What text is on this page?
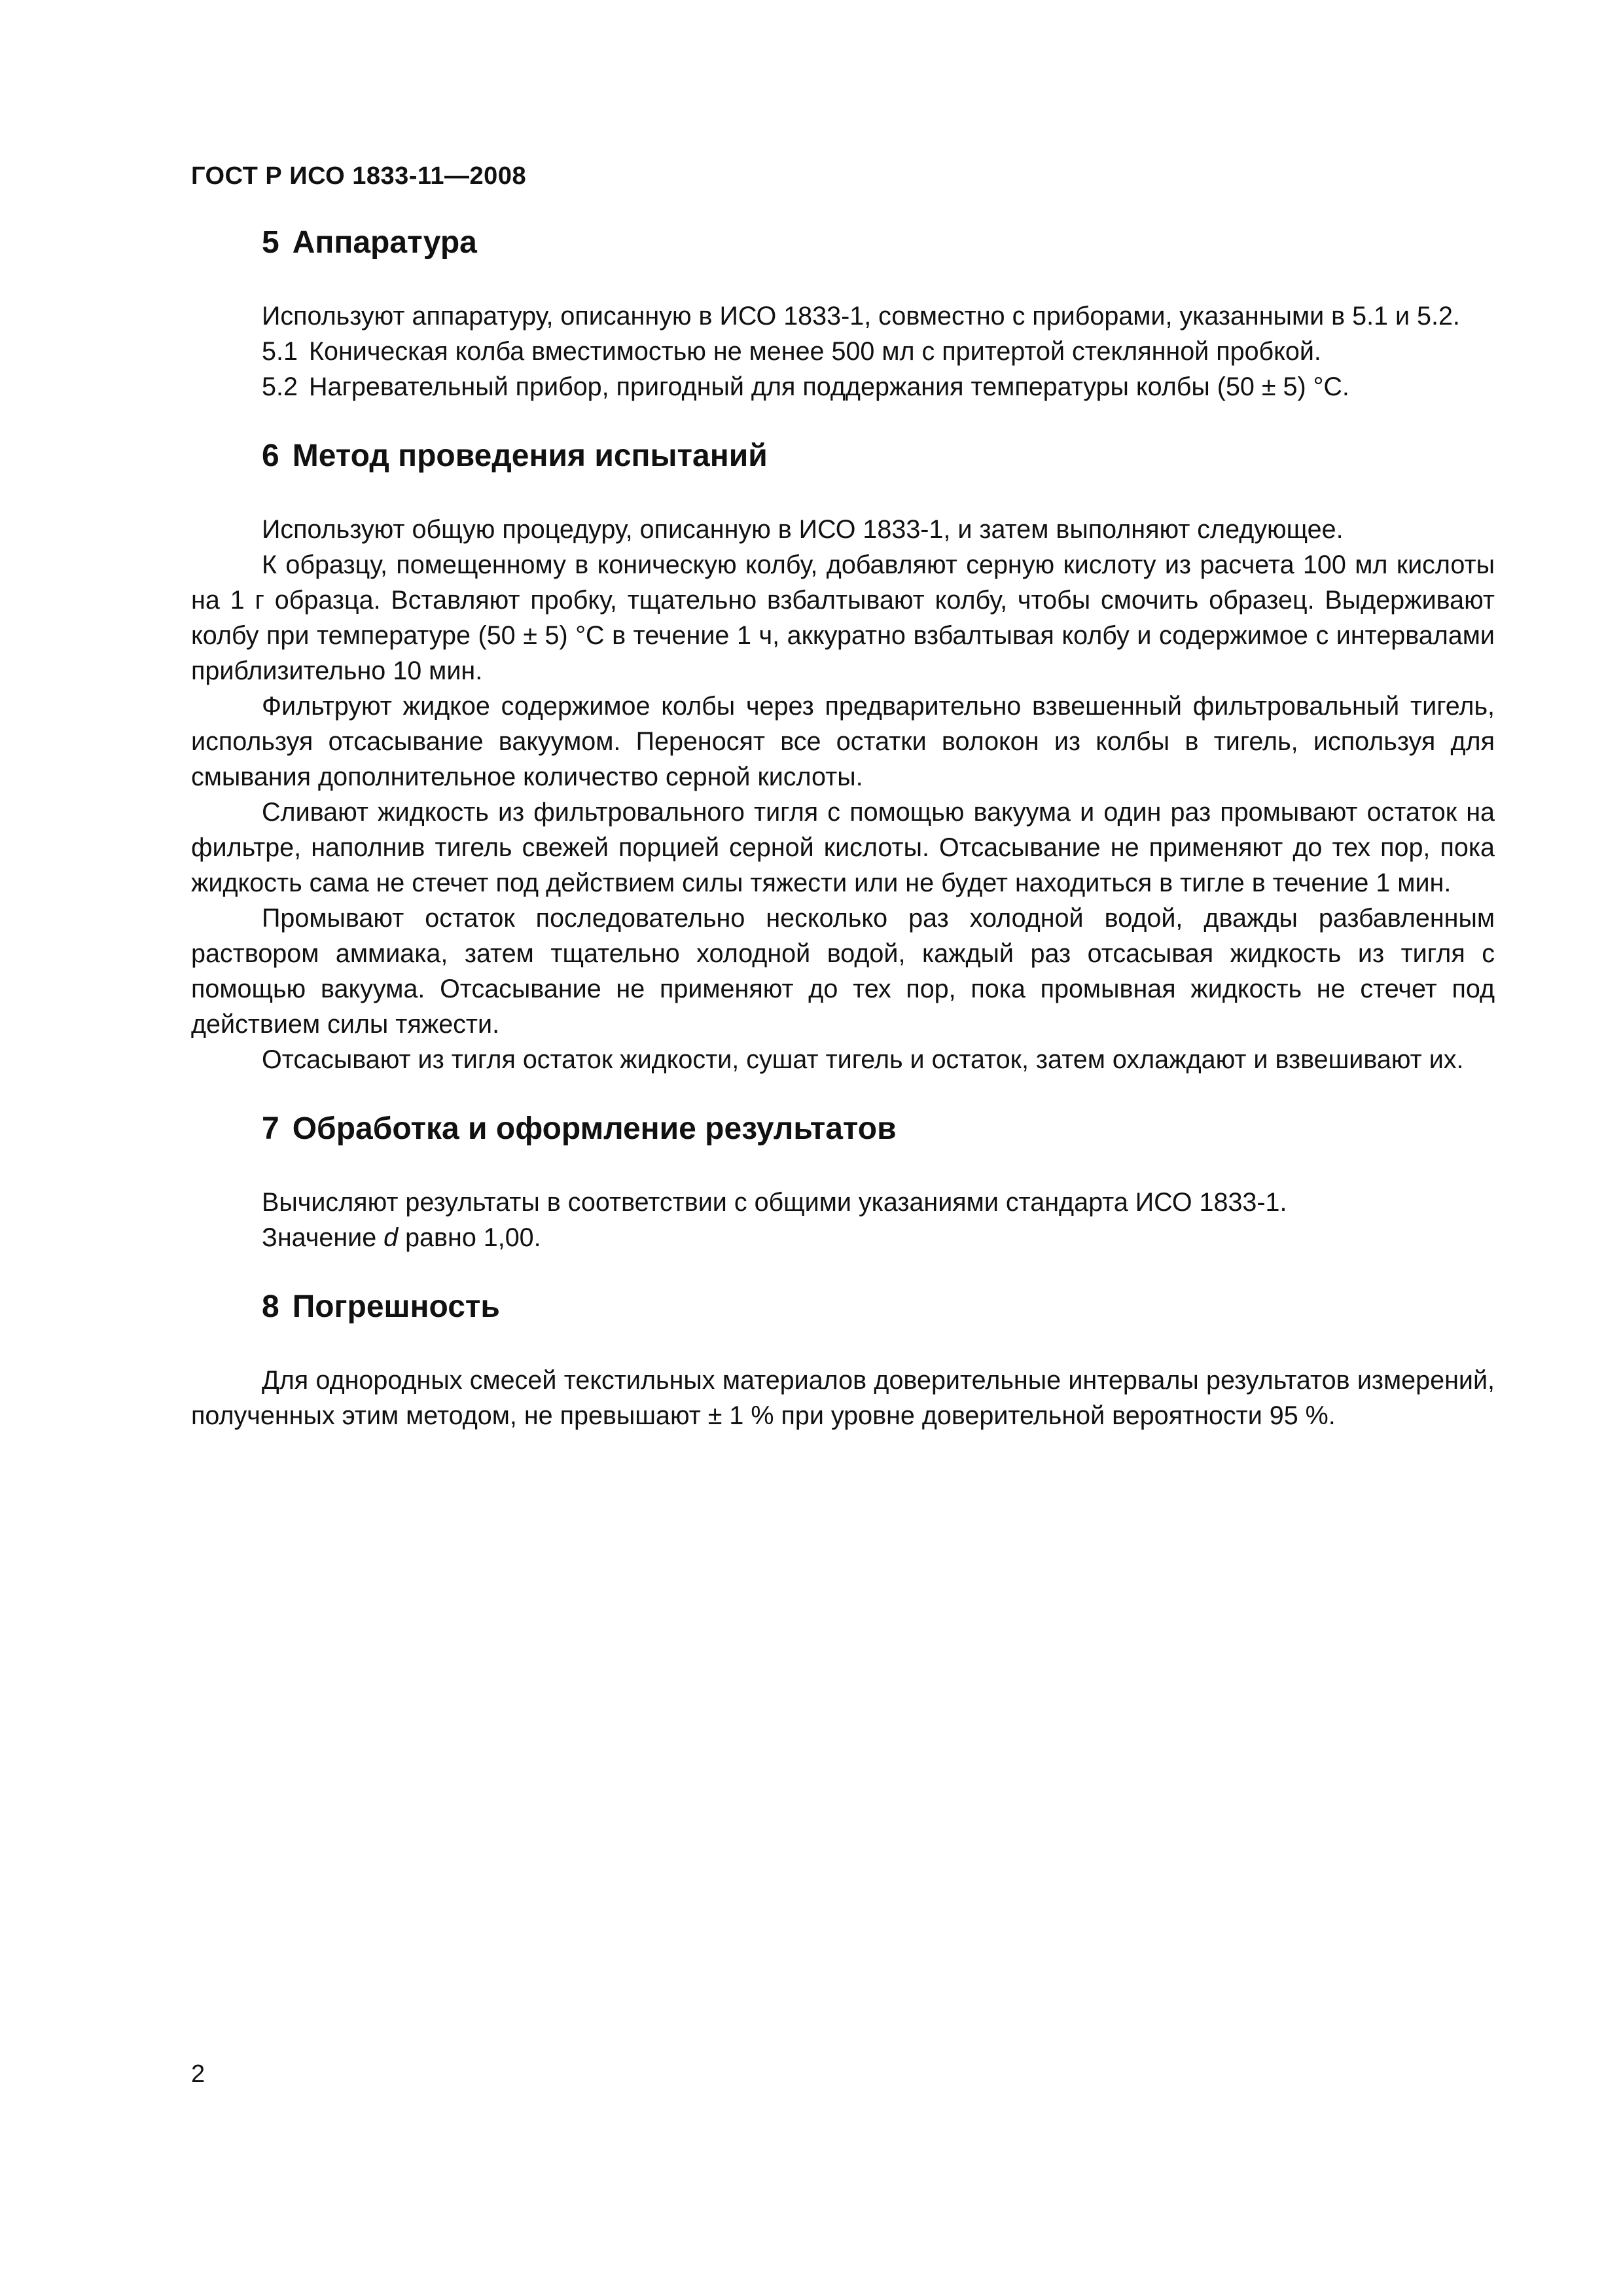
ГОСТ Р ИСО 1833-11—2008
5 Аппаратура

Используют аппаратуру, описанную в ИСО 1833-1, совместно с приборами, указанными в 5.1 и 5.2.

5.1 Коническая колба вместимостью не менее 500 мл с притертой стеклянной пробкой.

5.2 Нагревательный прибор, пригодный для поддержания температуры колбы (50 ± 5) °С.

6 Метод проведения испытаний

Используют общую процедуру, описанную в ИСО 1833-1, и затем выполняют следующее.

К образцу, помещенному в коническую колбу, добавляют серную кислоту из расчета 100 мл кислоты на 1 г образца. Вставляют пробку, тщательно взбалтывают колбу, чтобы смочить образец. Выдерживают колбу при температуре (50 ± 5) °С в течение 1 ч, аккуратно взбалтывая колбу и содержимое с интервалами приблизительно 10 мин.

Фильтруют жидкое содержимое колбы через предварительно взвешенный фильтровальный тигель, используя отсасывание вакуумом. Переносят все остатки волокон из колбы в тигель, используя для смывания дополнительное количество серной кислоты.

Сливают жидкость из фильтровального тигля с помощью вакуума и один раз промывают остаток на фильтре, наполнив тигель свежей порцией серной кислоты. Отсасывание не применяют до тех пор, пока жидкость сама не стечет под действием силы тяжести или не будет находиться в тигле в течение 1 мин.

Промывают остаток последовательно несколько раз холодной водой, дважды разбавленным раствором аммиака, затем тщательно холодной водой, каждый раз отсасывая жидкость из тигля с помощью вакуума. Отсасывание не применяют до тех пор, пока промывная жидкость не стечет под действием силы тяжести.

Отсасывают из тигля остаток жидкости, сушат тигель и остаток, затем охлаждают и взвешивают их.

7 Обработка и оформление результатов

Вычисляют результаты в соответствии с общими указаниями стандарта ИСО 1833-1.

Значение d равно 1,00.

8 Погрешность

Для однородных смесей текстильных материалов доверительные интервалы результатов измерений, полученных этим методом, не превышают ± 1 % при уровне доверительной вероятности 95 %.

2
